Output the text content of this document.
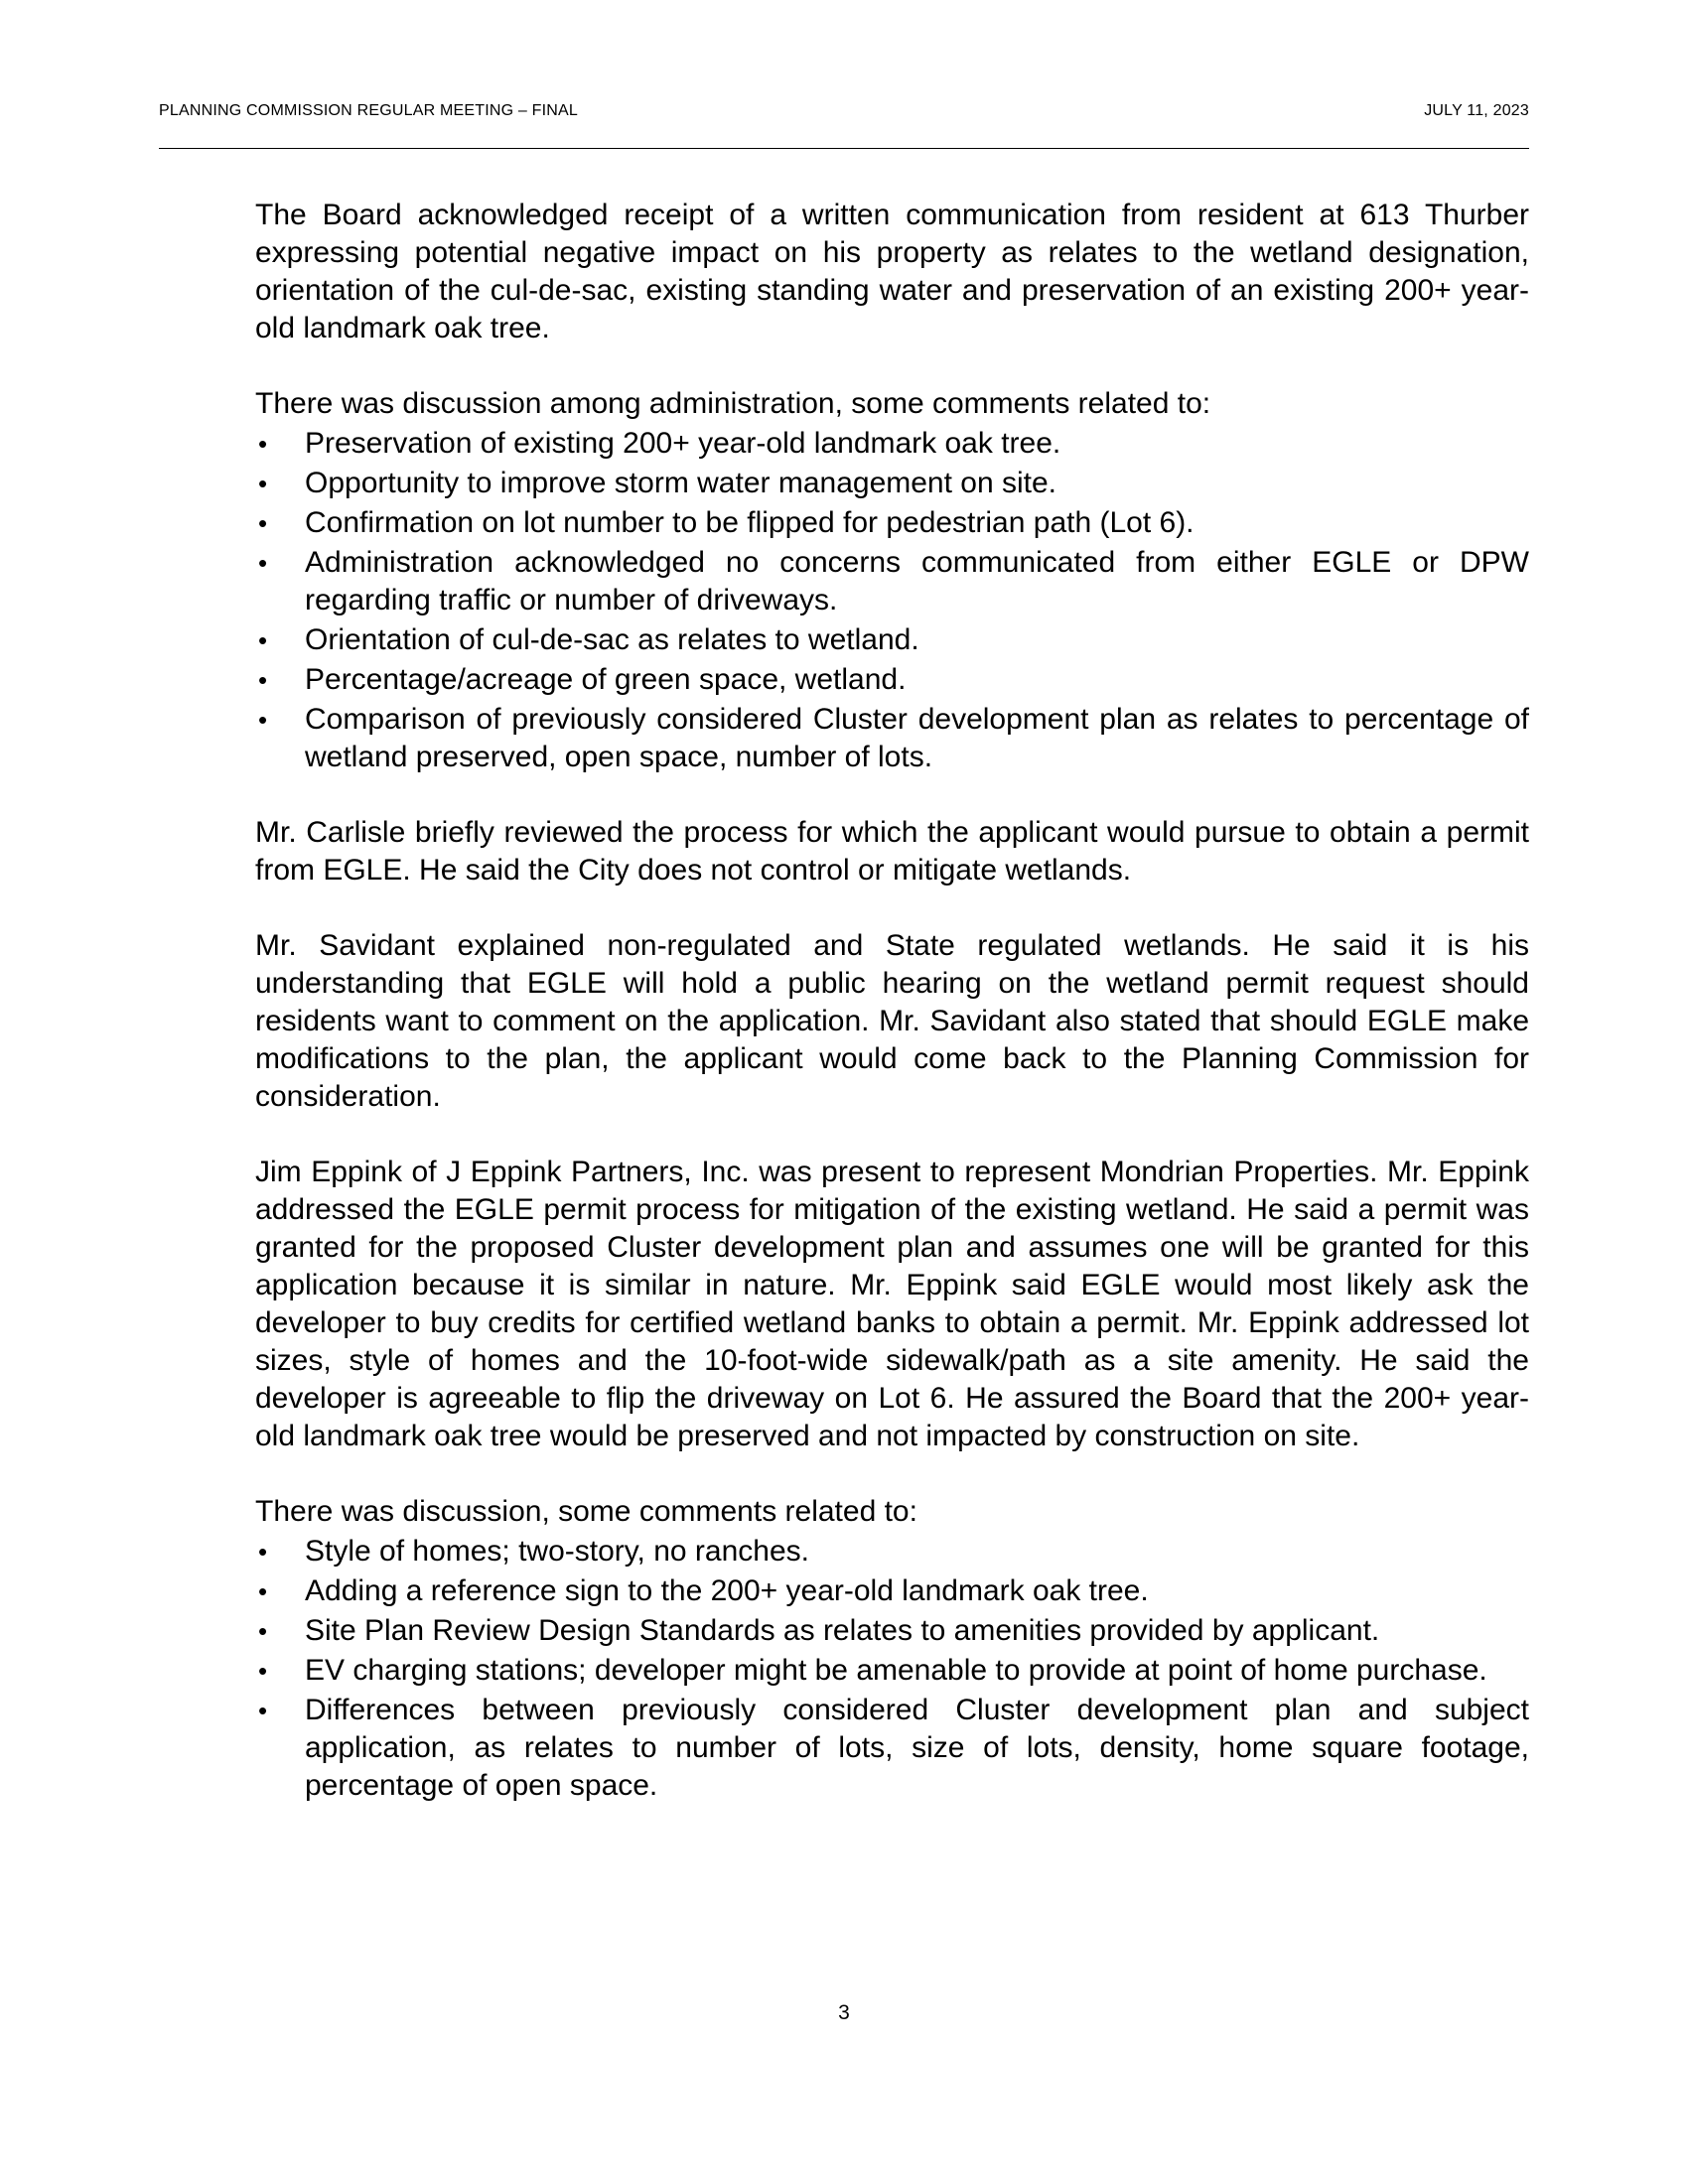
PLANNING COMMISSION REGULAR MEETING – FINAL	JULY 11, 2023

The Board acknowledged receipt of a written communication from resident at 613 Thurber expressing potential negative impact on his property as relates to the wetland designation, orientation of the cul-de-sac, existing standing water and preservation of an existing 200+ year-old landmark oak tree.

There was discussion among administration, some comments related to:

•	Preservation of existing 200+ year-old landmark oak tree.
•	Opportunity to improve storm water management on site.
•	Confirmation on lot number to be flipped for pedestrian path (Lot 6).
•	Administration acknowledged no concerns communicated from either EGLE or DPW regarding traffic or number of driveways.
•	Orientation of cul-de-sac as relates to wetland.
•	Percentage/acreage of green space, wetland.
•	Comparison of previously considered Cluster development plan as relates to percentage of wetland preserved, open space, number of lots.

Mr. Carlisle briefly reviewed the process for which the applicant would pursue to obtain a permit from EGLE. He said the City does not control or mitigate wetlands.

Mr. Savidant explained non-regulated and State regulated wetlands. He said it is his understanding that EGLE will hold a public hearing on the wetland permit request should residents want to comment on the application. Mr. Savidant also stated that should EGLE make modifications to the plan, the applicant would come back to the Planning Commission for consideration.

Jim Eppink of J Eppink Partners, Inc. was present to represent Mondrian Properties. Mr. Eppink addressed the EGLE permit process for mitigation of the existing wetland. He said a permit was granted for the proposed Cluster development plan and assumes one will be granted for this application because it is similar in nature. Mr. Eppink said EGLE would most likely ask the developer to buy credits for certified wetland banks to obtain a permit. Mr. Eppink addressed lot sizes, style of homes and the 10-foot-wide sidewalk/path as a site amenity. He said the developer is agreeable to flip the driveway on Lot 6. He assured the Board that the 200+ year-old landmark oak tree would be preserved and not impacted by construction on site.

There was discussion, some comments related to:

•	Style of homes; two-story, no ranches.
•	Adding a reference sign to the 200+ year-old landmark oak tree.
•	Site Plan Review Design Standards as relates to amenities provided by applicant.
•	EV charging stations; developer might be amenable to provide at point of home purchase.
•	Differences between previously considered Cluster development plan and subject application, as relates to number of lots, size of lots, density, home square footage, percentage of open space.
3
